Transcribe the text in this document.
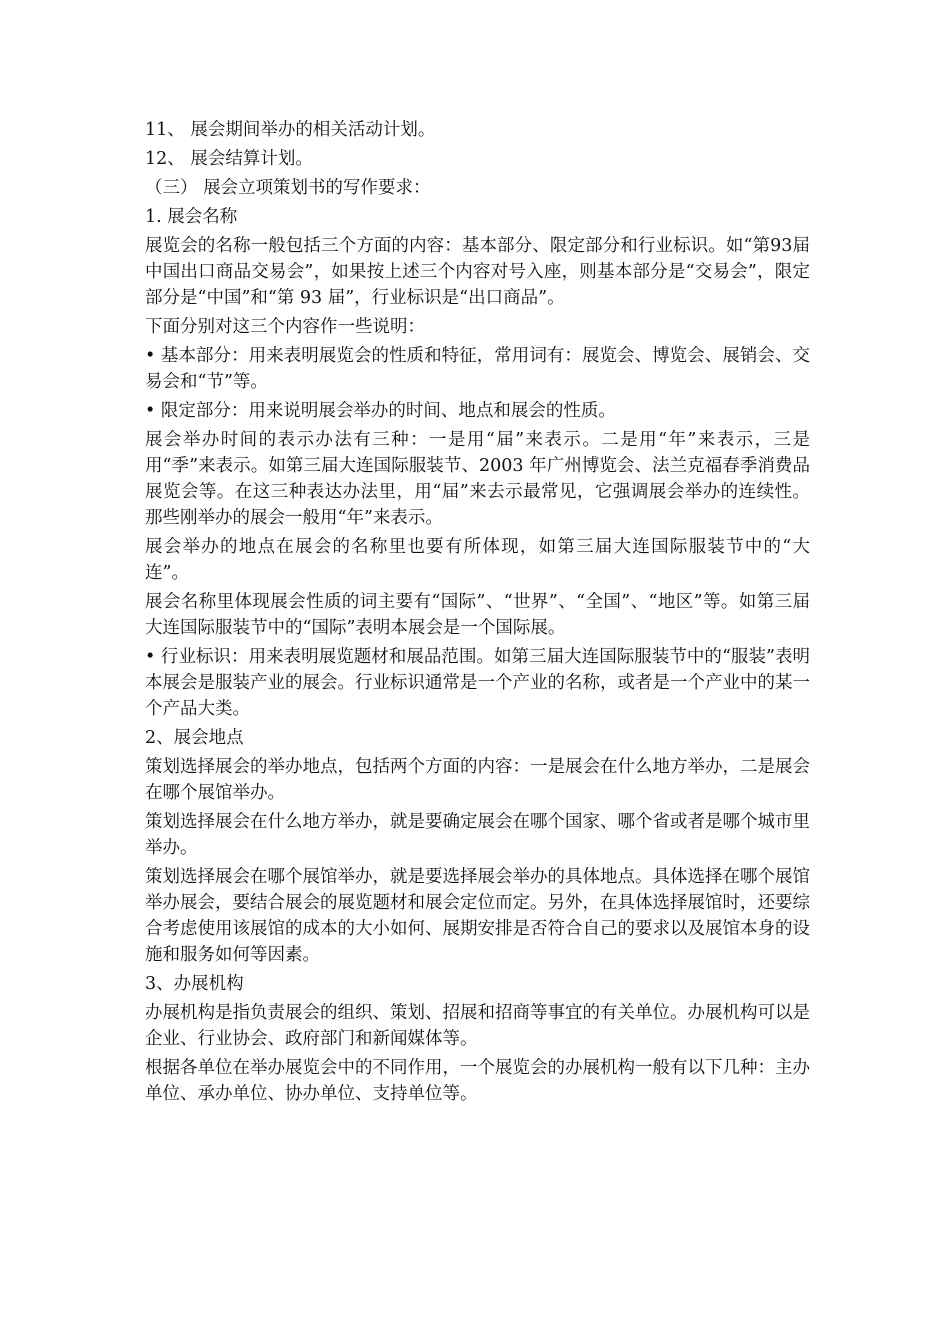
11、 展会期间举办的相关活动计划。

12、 展会结算计划。

（三） 展会立项策划书的写作要求：

1. 展会名称

展览会的名称一般包括三个方面的内容：基本部分、限定部分和行业标识。如“第93届中国出口商品交易会”，如果按上述三个内容对号入座，则基本部分是“交易会”，限定部分是“中国”和“第 93 届”，行业标识是“出口商品”。

下面分别对这三个内容作一些说明：

• 基本部分：用来表明展览会的性质和特征，常用词有：展览会、博览会、展销会、交易会和“节”等。

• 限定部分：用来说明展会举办的时间、地点和展会的性质。

展会举办时间的表示办法有三种：一是用“届”来表示。二是用“年”来表示，三是用“季”来表示。如第三届大连国际服装节、2003 年广州博览会、法兰克福春季消费品展览会等。在这三种表达办法里，用“届”来去示最常见，它强调展会举办的连续性。那些刚举办的展会一般用“年”来表示。

展会举办的地点在展会的名称里也要有所体现，如第三届大连国际服装节中的“大连”。

展会名称里体现展会性质的词主要有“国际”、“世界”、“全国”、“地区”等。如第三届大连国际服装节中的“国际”表明本展会是一个国际展。

• 行业标识：用来表明展览题材和展品范围。如第三届大连国际服装节中的“服装”表明本展会是服装产业的展会。行业标识通常是一个产业的名称，或者是一个产业中的某一个产品大类。

2、展会地点

策划选择展会的举办地点，包括两个方面的内容：一是展会在什么地方举办，二是展会在哪个展馆举办。

策划选择展会在什么地方举办，就是要确定展会在哪个国家、哪个省或者是哪个城市里举办。

策划选择展会在哪个展馆举办，就是要选择展会举办的具体地点。具体选择在哪个展馆举办展会，要结合展会的展览题材和展会定位而定。另外，在具体选择展馆时，还要综合考虑使用该展馆的成本的大小如何、展期安排是否符合自己的要求以及展馆本身的设施和服务如何等因素。

3、办展机构

办展机构是指负责展会的组织、策划、招展和招商等事宜的有关单位。办展机构可以是企业、行业协会、政府部门和新闻媒体等。

根据各单位在举办展览会中的不同作用，一个展览会的办展机构一般有以下几种：主办单位、承办单位、协办单位、支持单位等。
